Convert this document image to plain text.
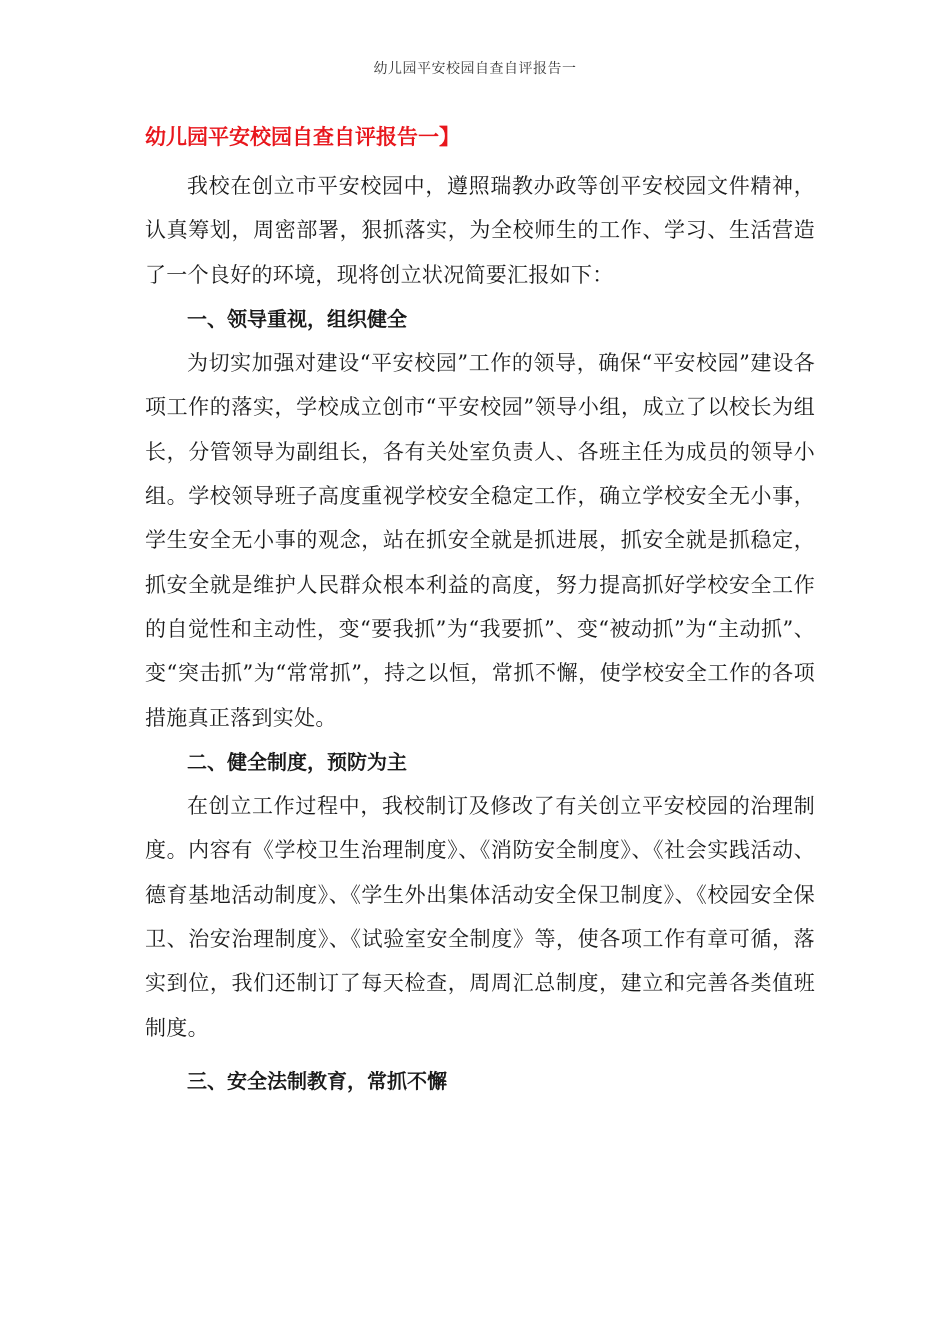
幼儿园平安校园自查自评报告一
幼儿园平安校园自查自评报告一】

我校在创立市平安校园中，遵照瑞教办政等创平安校园文件精神，认真筹划，周密部署，狠抓落实，为全校师生的工作、学习、生活营造了一个良好的环境，现将创立状况简要汇报如下：

一、领导重视，组织健全

为切实加强对建设“平安校园”工作的领导，确保“平安校园”建设各项工作的落实，学校成立创市“平安校园”领导小组，成立了以校长为组长，分管领导为副组长，各有关处室负责人、各班主任为成员的领导小组。学校领导班子高度重视学校安全稳定工作，确立学校安全无小事，学生安全无小事的观念，站在抓安全就是抓进展，抓安全就是抓稳定，抓安全就是维护人民群众根本利益的高度，努力提高抓好学校安全工作的自觉性和主动性，变“要我抓”为“我要抓”、变“被动抓”为“主动抓”、变“突击抓”为“常常抓”，持之以恒，常抓不懈，使学校安全工作的各项措施真正落到实处。

二、健全制度，预防为主

在创立工作过程中，我校制订及修改了有关创立平安校园的治理制度。内容有《学校卫生治理制度》、《消防安全制度》、《社会实践活动、德育基地活动制度》、《学生外出集体活动安全保卫制度》、《校园安全保卫、治安治理制度》、《试验室安全制度》等，使各项工作有章可循，落实到位，我们还制订了每天检查，周周汇总制度，建立和完善各类值班制度。

三、安全法制教育，常抓不懈
